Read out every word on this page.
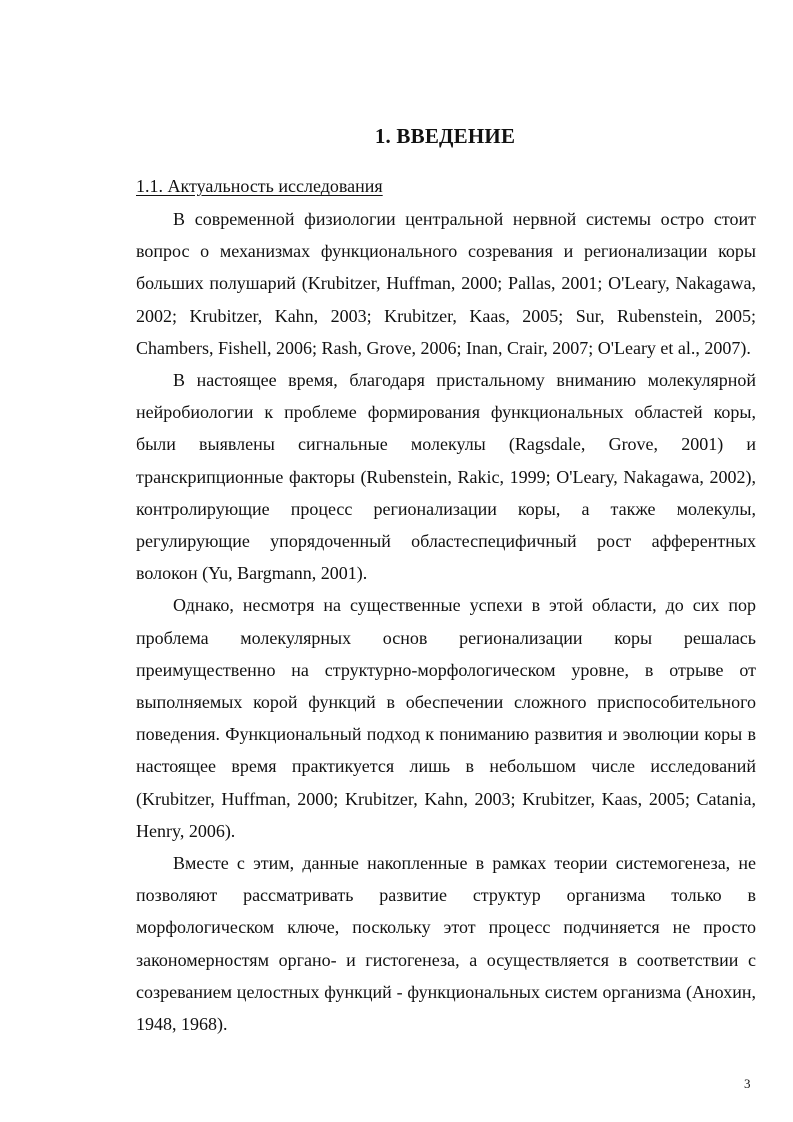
1. ВВЕДЕНИЕ
1.1. Актуальность исследования

В современной физиологии центральной нервной системы остро стоит вопрос о механизмах функционального созревания и регионализации коры больших полушарий (Krubitzer, Huffman, 2000; Pallas, 2001; O'Leary, Nakagawa, 2002; Krubitzer, Kahn, 2003; Krubitzer, Kaas, 2005; Sur, Rubenstein, 2005; Chambers, Fishell, 2006; Rash, Grove, 2006; Inan, Crair, 2007; O'Leary et al., 2007).

В настоящее время, благодаря пристальному вниманию молекулярной нейробиологии к проблеме формирования функциональных областей коры, были выявлены сигнальные молекулы (Ragsdale, Grove, 2001) и транскрипционные факторы (Rubenstein, Rakic, 1999; O'Leary, Nakagawa, 2002), контролирующие процесс регионализации коры, а также молекулы, регулирующие упорядоченный областеспецифичный рост афферентных волокон (Yu, Bargmann, 2001).

Однако, несмотря на существенные успехи в этой области, до сих пор проблема молекулярных основ регионализации коры решалась преимущественно на структурно-морфологическом уровне, в отрыве от выполняемых корой функций в обеспечении сложного приспособительного поведения. Функциональный подход к пониманию развития и эволюции коры в настоящее время практикуется лишь в небольшом числе исследований (Krubitzer, Huffman, 2000; Krubitzer, Kahn, 2003; Krubitzer, Kaas, 2005; Catania, Henry, 2006).

Вместе с этим, данные накопленные в рамках теории системогенеза, не позволяют рассматривать развитие структур организма только в морфологическом ключе, поскольку этот процесс подчиняется не просто закономерностям органо- и гистогенеза, а осуществляется в соответствии с созреванием целостных функций - функциональных систем организма (Анохин, 1948, 1968).

3
